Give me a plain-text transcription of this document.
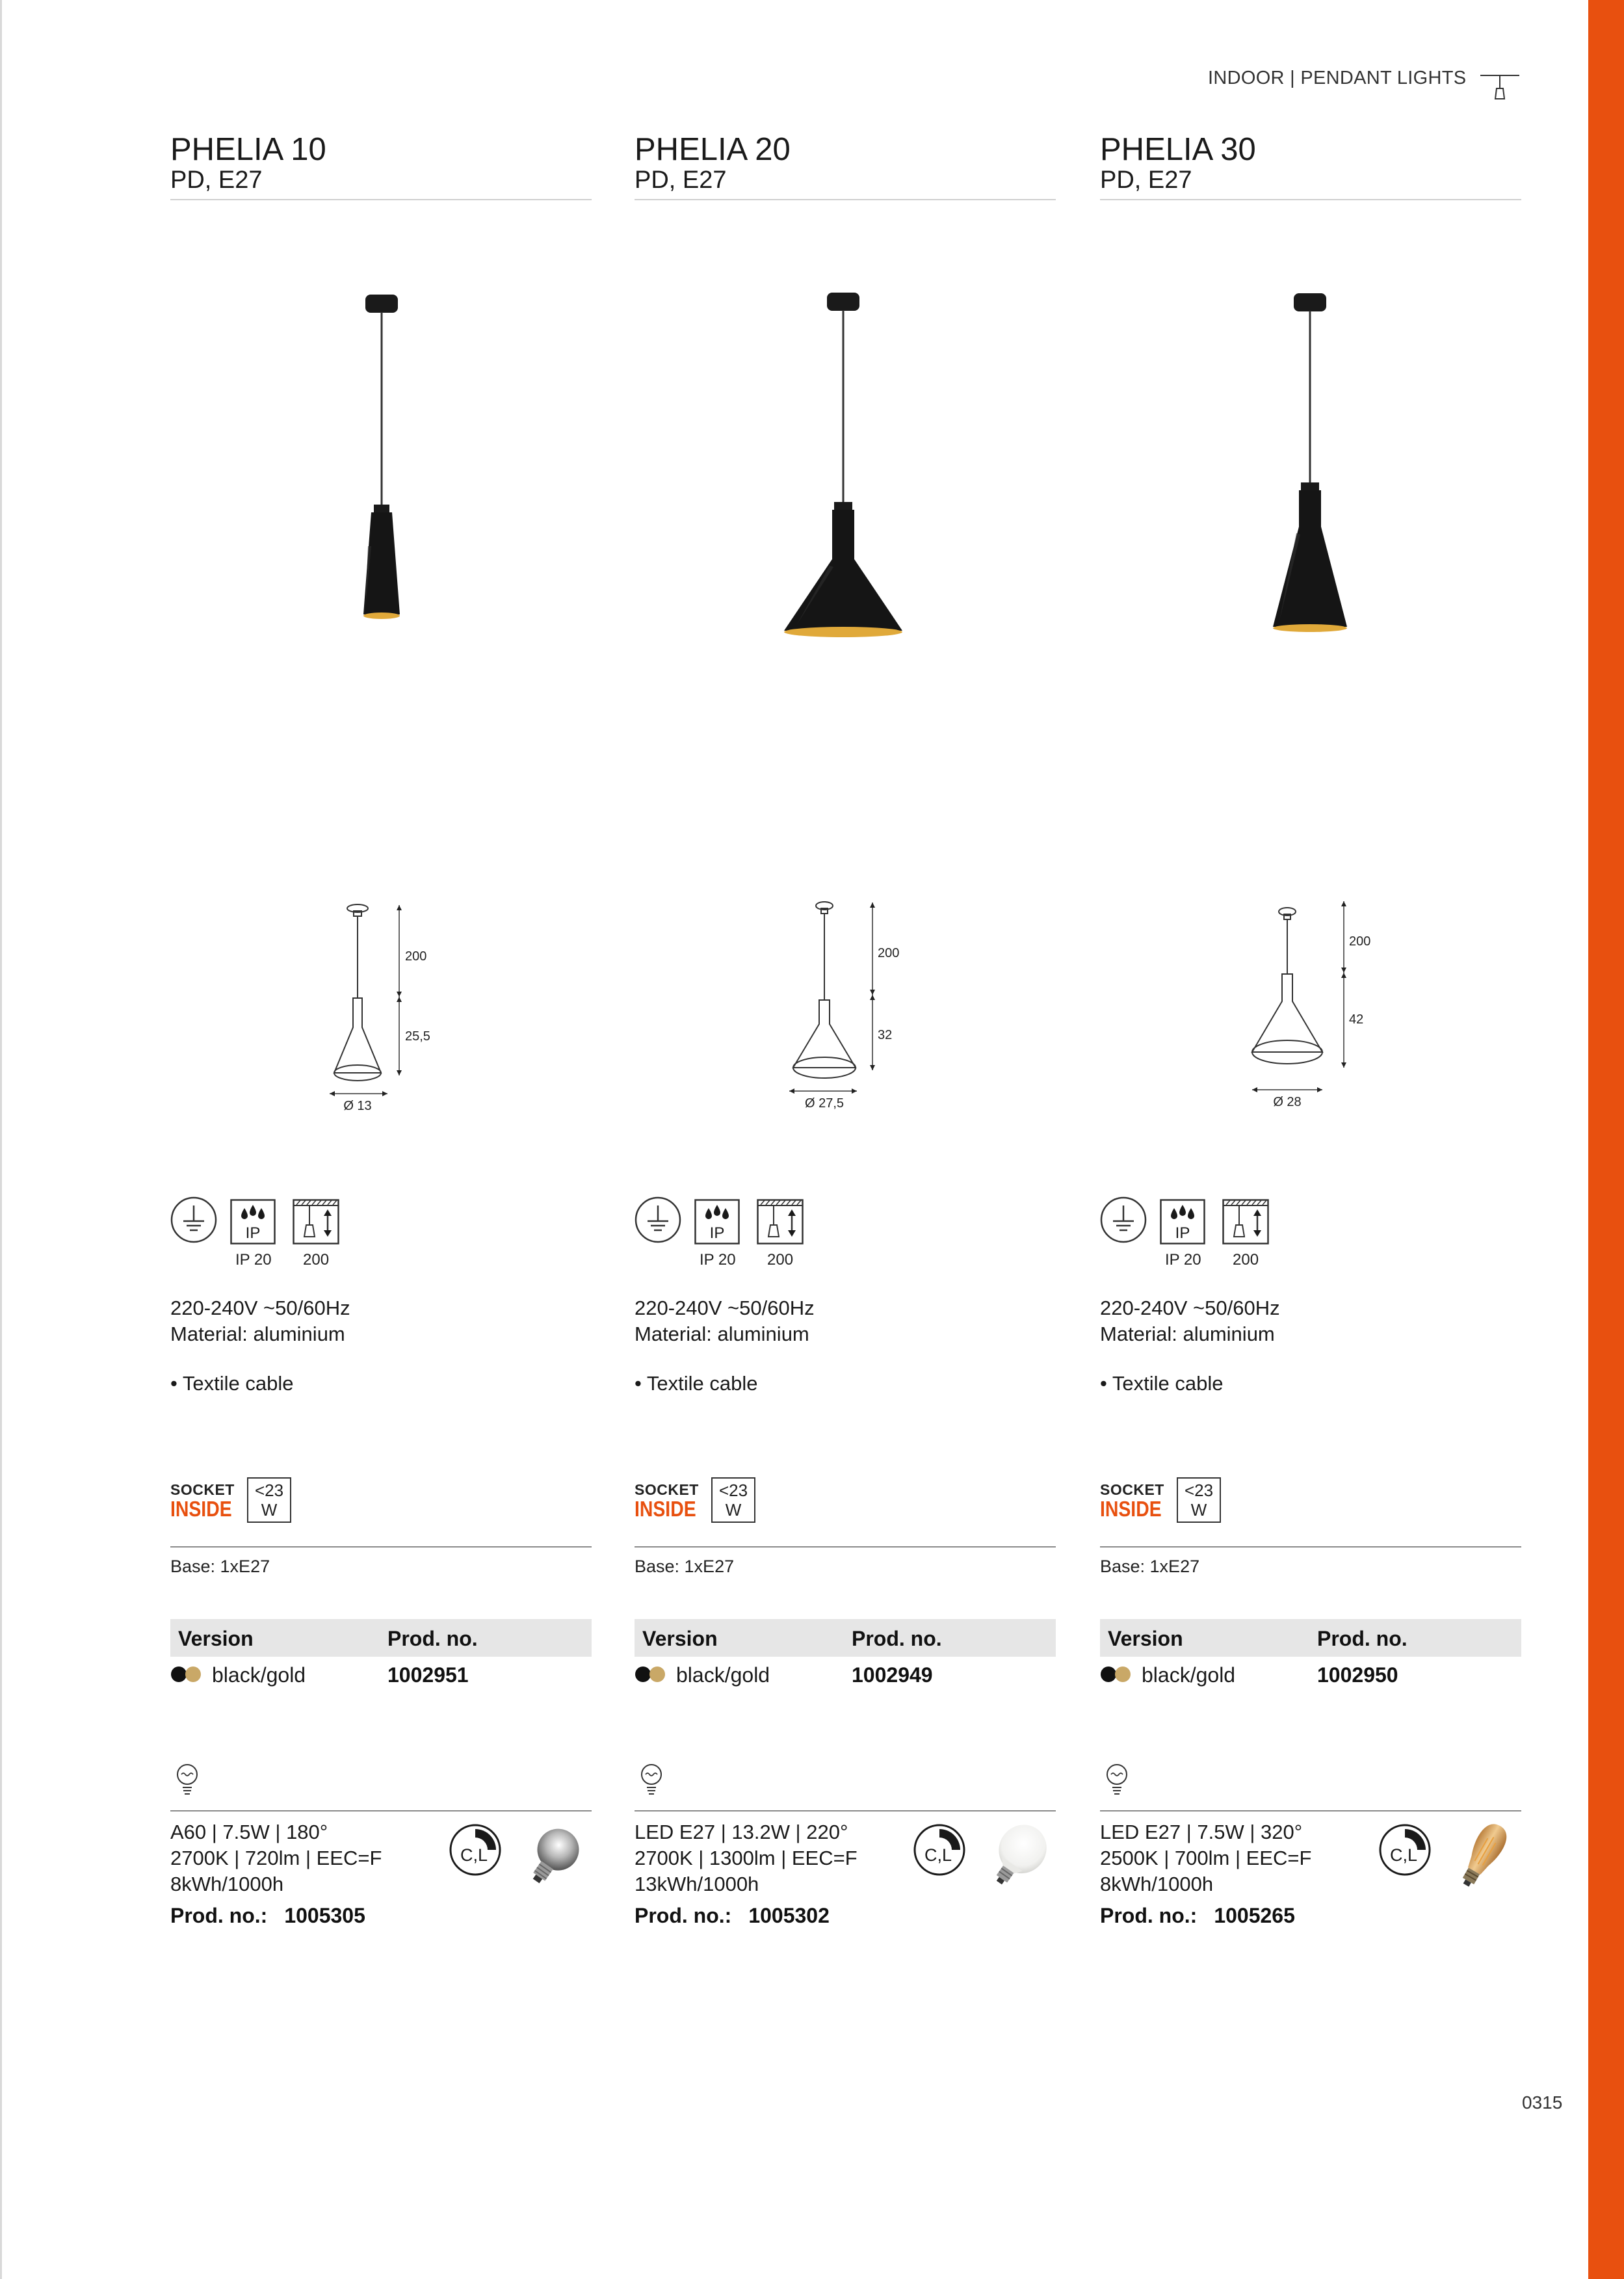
INDOOR | PENDANT LIGHTS
PHELIA 10
PD, E27
200
25,5
Ø 13
IP
IP 20 200
220-240V ~50/60Hz
Material: aluminium
• Textile cable
SOCKET
INSIDE
<23
W
Base: 1xE27
Version	Prod. no.
black/gold	1002951
A60 | 7.5W | 180°
2700K | 720lm | EEC=F
8kWh/1000h
C,L
Prod. no.: 1005305
PHELIA 20
PD, E27
200
32
Ø 27,5
IP
IP 20 200
220-240V ~50/60Hz
Material: aluminium
• Textile cable
SOCKET
INSIDE
<23
W
Base: 1xE27
Version	Prod. no.
black/gold	1002949
LED E27 | 13.2W | 220°
2700K | 1300lm | EEC=F
13kWh/1000h
C,L
Prod. no.: 1005302
PHELIA 30
PD, E27
200
42
Ø 28
IP
IP 20 200
220-240V ~50/60Hz
Material: aluminium
• Textile cable
SOCKET
INSIDE
<23
W
Base: 1xE27
Version	Prod. no.
black/gold	1002950
LED E27 | 7.5W | 320°
2500K | 700lm | EEC=F
8kWh/1000h
C,L
Prod. no.: 1005265
0315
